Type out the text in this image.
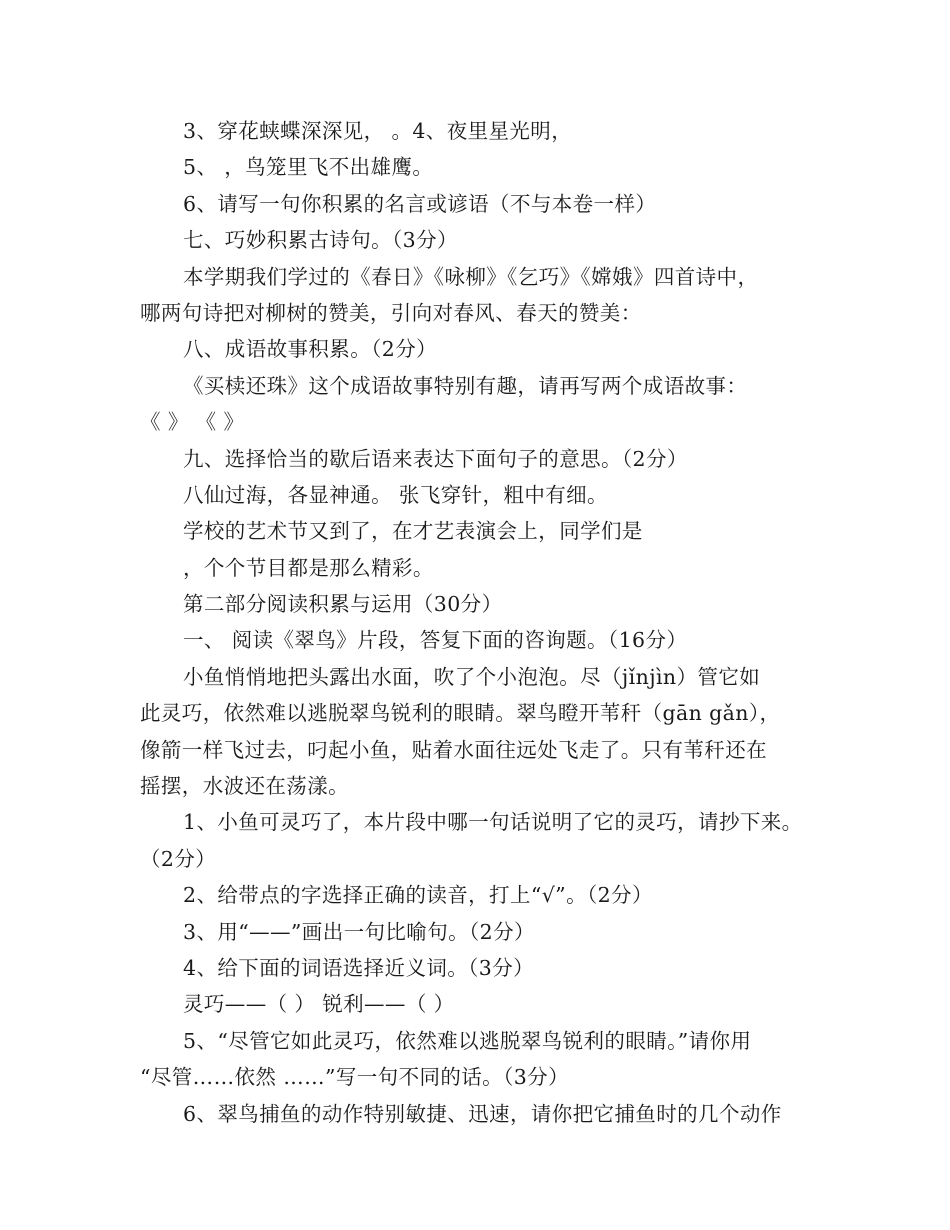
3、穿花蛱蝶深深见， 。4、夜里星光明，
5、 ，鸟笼里飞不出雄鹰。
6、请写一句你积累的名言或谚语（不与本卷一样）
七、巧妙积累古诗句。（3分）
本学期我们学过的《春日》《咏柳》《乞巧》《嫦娥》四首诗中，
哪两句诗把对柳树的赞美，引向对春风、春天的赞美：
八、成语故事积累。（2分）
《买椟还珠》这个成语故事特别有趣，请再写两个成语故事：
《 》 《 》
九、选择恰当的歇后语来表达下面句子的意思。（2分）
八仙过海，各显神通。 张飞穿针，粗中有细。
学校的艺术节又到了，在才艺表演会上，同学们是
，个个节目都是那么精彩。
第二部分阅读积累与运用（30分）
一、 阅读《翠鸟》片段，答复下面的咨询题。（16分）
小鱼悄悄地把头露出水面，吹了个小泡泡。尽（jǐnjìn）管它如
此灵巧，依然难以逃脱翠鸟锐利的眼睛。翠鸟瞪开苇秆（gān gǎn），
像箭一样飞过去，叼起小鱼，贴着水面往远处飞走了。只有苇秆还在
摇摆，水波还在荡漾。
1、小鱼可灵巧了，本片段中哪一句话说明了它的灵巧，请抄下来。
（2分）
2、给带点的字选择正确的读音，打上“√”。（2分）
3、用“——”画出一句比喻句。（2分）
4、给下面的词语选择近义词。（3分）
灵巧——（ ） 锐利——（ ）
5、“尽管它如此灵巧，依然难以逃脱翠鸟锐利的眼睛。”请你用
“尽管……依然 ……”写一句不同的话。（3分）
6、翠鸟捕鱼的动作特别敏捷、迅速，请你把它捕鱼时的几个动作
